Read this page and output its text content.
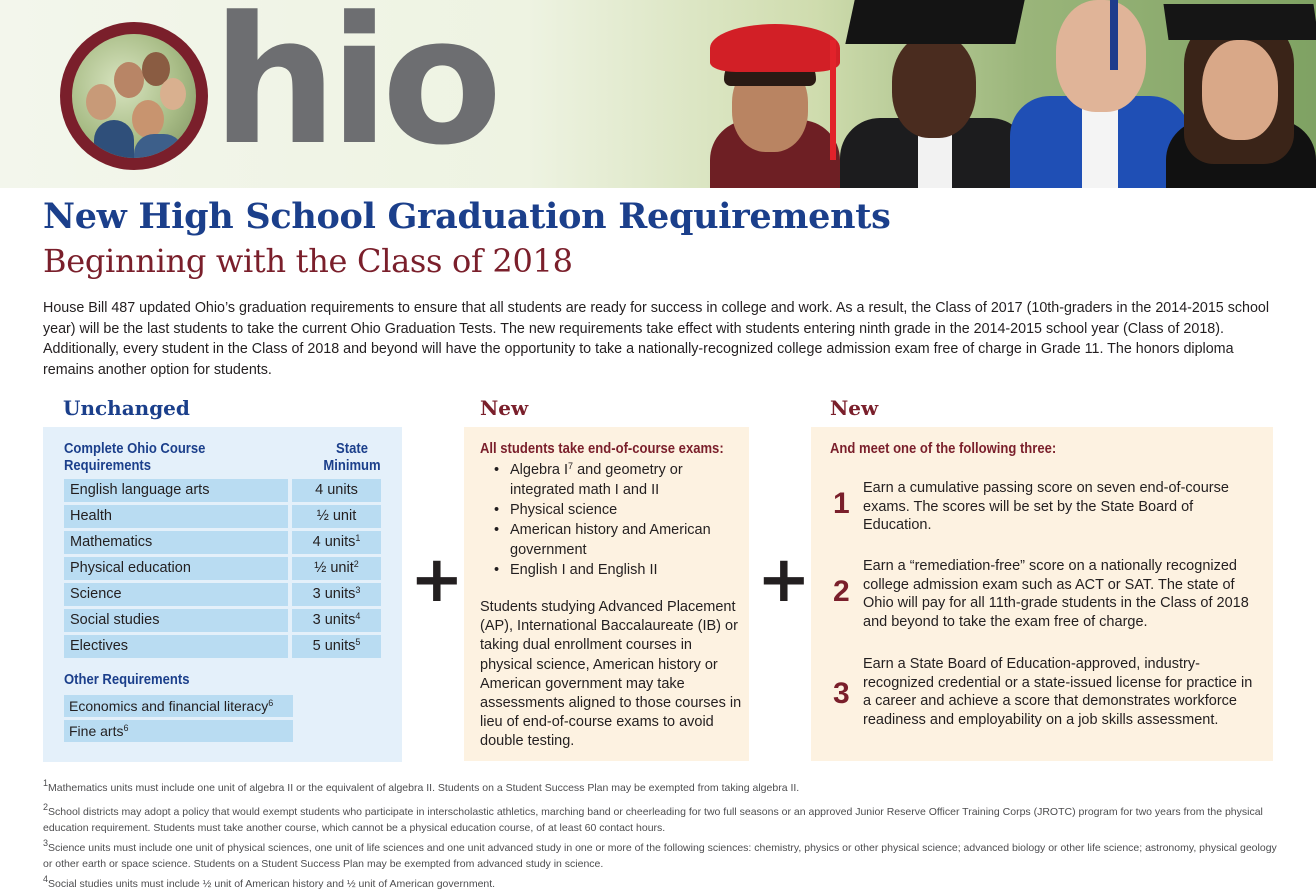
hio
New High School Graduation Requirements
Beginning with the Class of 2018

House Bill 487 updated Ohio’s graduation requirements to ensure that all students are ready for success in college and work. As a result, the Class of 2017 (10th-graders in the 2014-2015 school year) will be the last students to take the current Ohio Graduation Tests. The new requirements take effect with students entering ninth grade in the 2014-2015 school year (Class of 2018). Additionally, every student in the Class of 2018 and beyond will have the opportunity to take a nationally-recognized college admission exam free of charge in Grade 11. The honors diploma remains another option for students.

Unchanged	New	New
Complete Ohio Course
Requirements
State
Minimum
English language arts	4 units
Health	½ unit
Mathematics	4 units$^1$
Physical education	½ unit$^2$
Science	3 units$^3$
Social studies	3 units$^4$
Electives	5 units$^5$
Other Requirements
Economics and financial literacy$^6$
Fine arts$^6$
+	+
All students take end-of-course exams:
• Algebra $I^7$ and geometry or integrated math I and II
• Physical science
• American history and American government
• English I and English II

Students studying Advanced Placement (AP), International Baccalaureate (IB) or taking dual enrollment courses in physical science, American history or American government may take assessments aligned to those courses in lieu of end-of-course exams to avoid double testing.

And meet one of the following three:
1 Earn a cumulative passing score on seven end-of-course exams. The scores will be set by the State Board of Education.
2
Earn a “remediation-free” score on a nationally recognized college admission exam such as ACT or SAT. The state of Ohio will pay for all 11th-grade students in the Class of 2018 and beyond to take the exam free of charge.
3
Earn a State Board of Education-approved, industry-recognized credential or a state-issued license for practice in a career and achieve a score that demonstrates workforce readiness and employability on a job skills assessment.
$^1$Mathematics units must include one unit of algebra II or the equivalent of algebra II. Students on a Student Success Plan may be exempted from taking algebra II.
$^2$School districts may adopt a policy that would exempt students who participate in interscholastic athletics, marching band or cheerleading for two full seasons or an approved Junior Reserve Officer Training Corps (JROTC) program for two years from the physical education requirement. Students must take another course, which cannot be a physical education course, of at least 60 contact hours.
$^3$Science units must include one unit of physical sciences, one unit of life sciences and one unit advanced study in one or more of the following sciences: chemistry, physics or other physical science; advanced biology or other life science; astronomy, physical geology or other earth or space science. Students on a Student Success Plan may be exempted from advanced study in science.
$^4$Social studies units must include ½ unit of American history and ½ unit of American government.
